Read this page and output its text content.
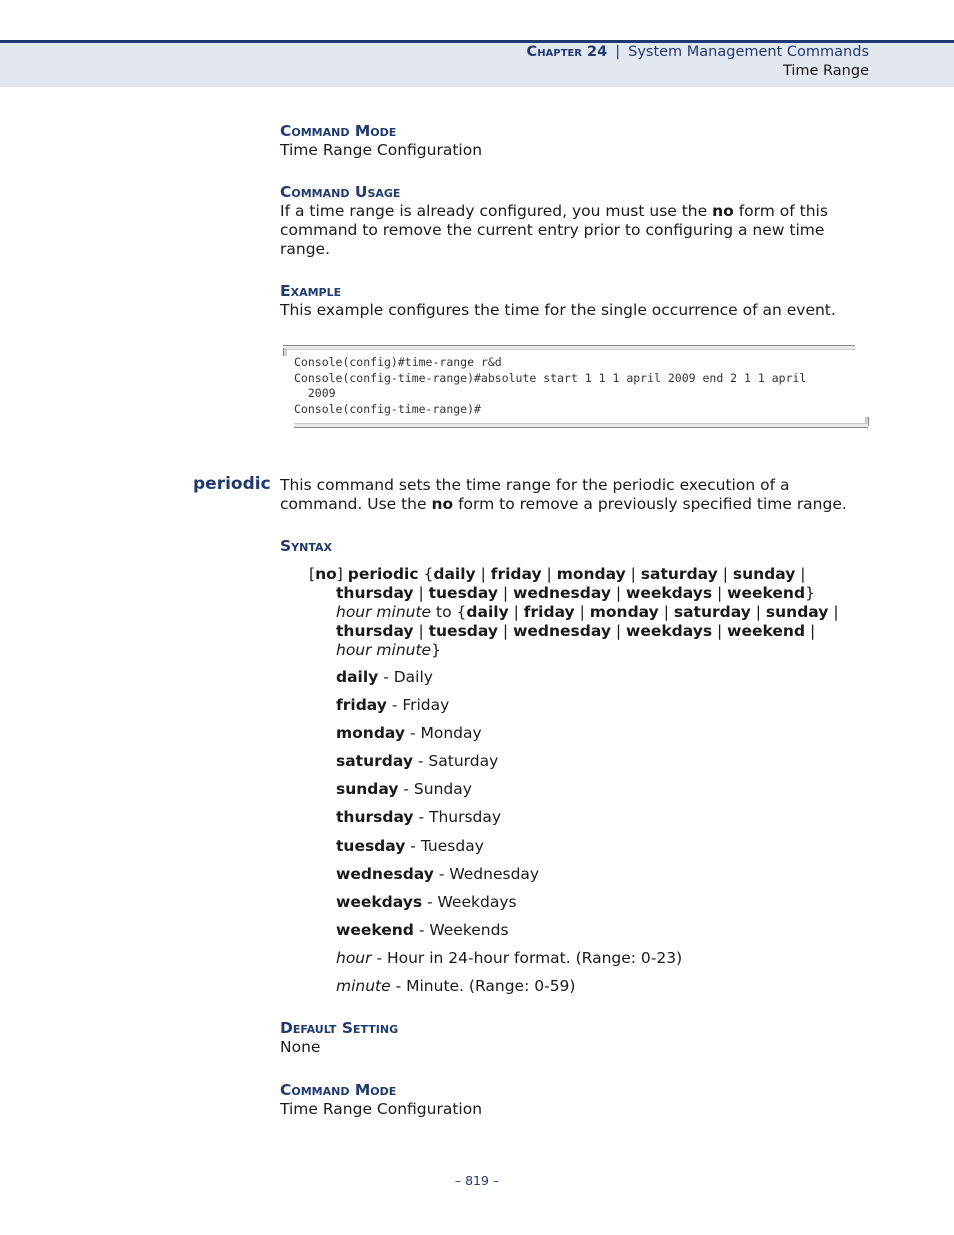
Chapter 24 | System Management Commands
Time Range
Command Mode
Time Range Configuration
Command Usage
If a time range is already configured, you must use the no form of this command to remove the current entry prior to configuring a new time range.
Example
This example configures the time for the single occurrence of an event.
Console(config)#time-range r&d
Console(config-time-range)#absolute start 1 1 1 april 2009 end 2 1 1 april
2009
Console(config-time-range)#
periodic This command sets the time range for the periodic execution of a command. Use the no form to remove a previously specified time range.
Syntax
[no] periodic {daily | friday | monday | saturday | sunday |
thursday | tuesday | wednesday | weekdays | weekend}
hour minute to {daily | friday | monday | saturday | sunday |
thursday | tuesday | wednesday | weekdays | weekend |
hour minute}
daily - Daily
friday - Friday
monday - Monday
saturday - Saturday
sunday - Sunday
thursday - Thursday
tuesday - Tuesday
wednesday - Wednesday
weekdays - Weekdays
weekend - Weekends
hour - Hour in 24-hour format. (Range: 0-23)
minute - Minute. (Range: 0-59)
Default Setting
None
Command Mode
Time Range Configuration
– 819 –
